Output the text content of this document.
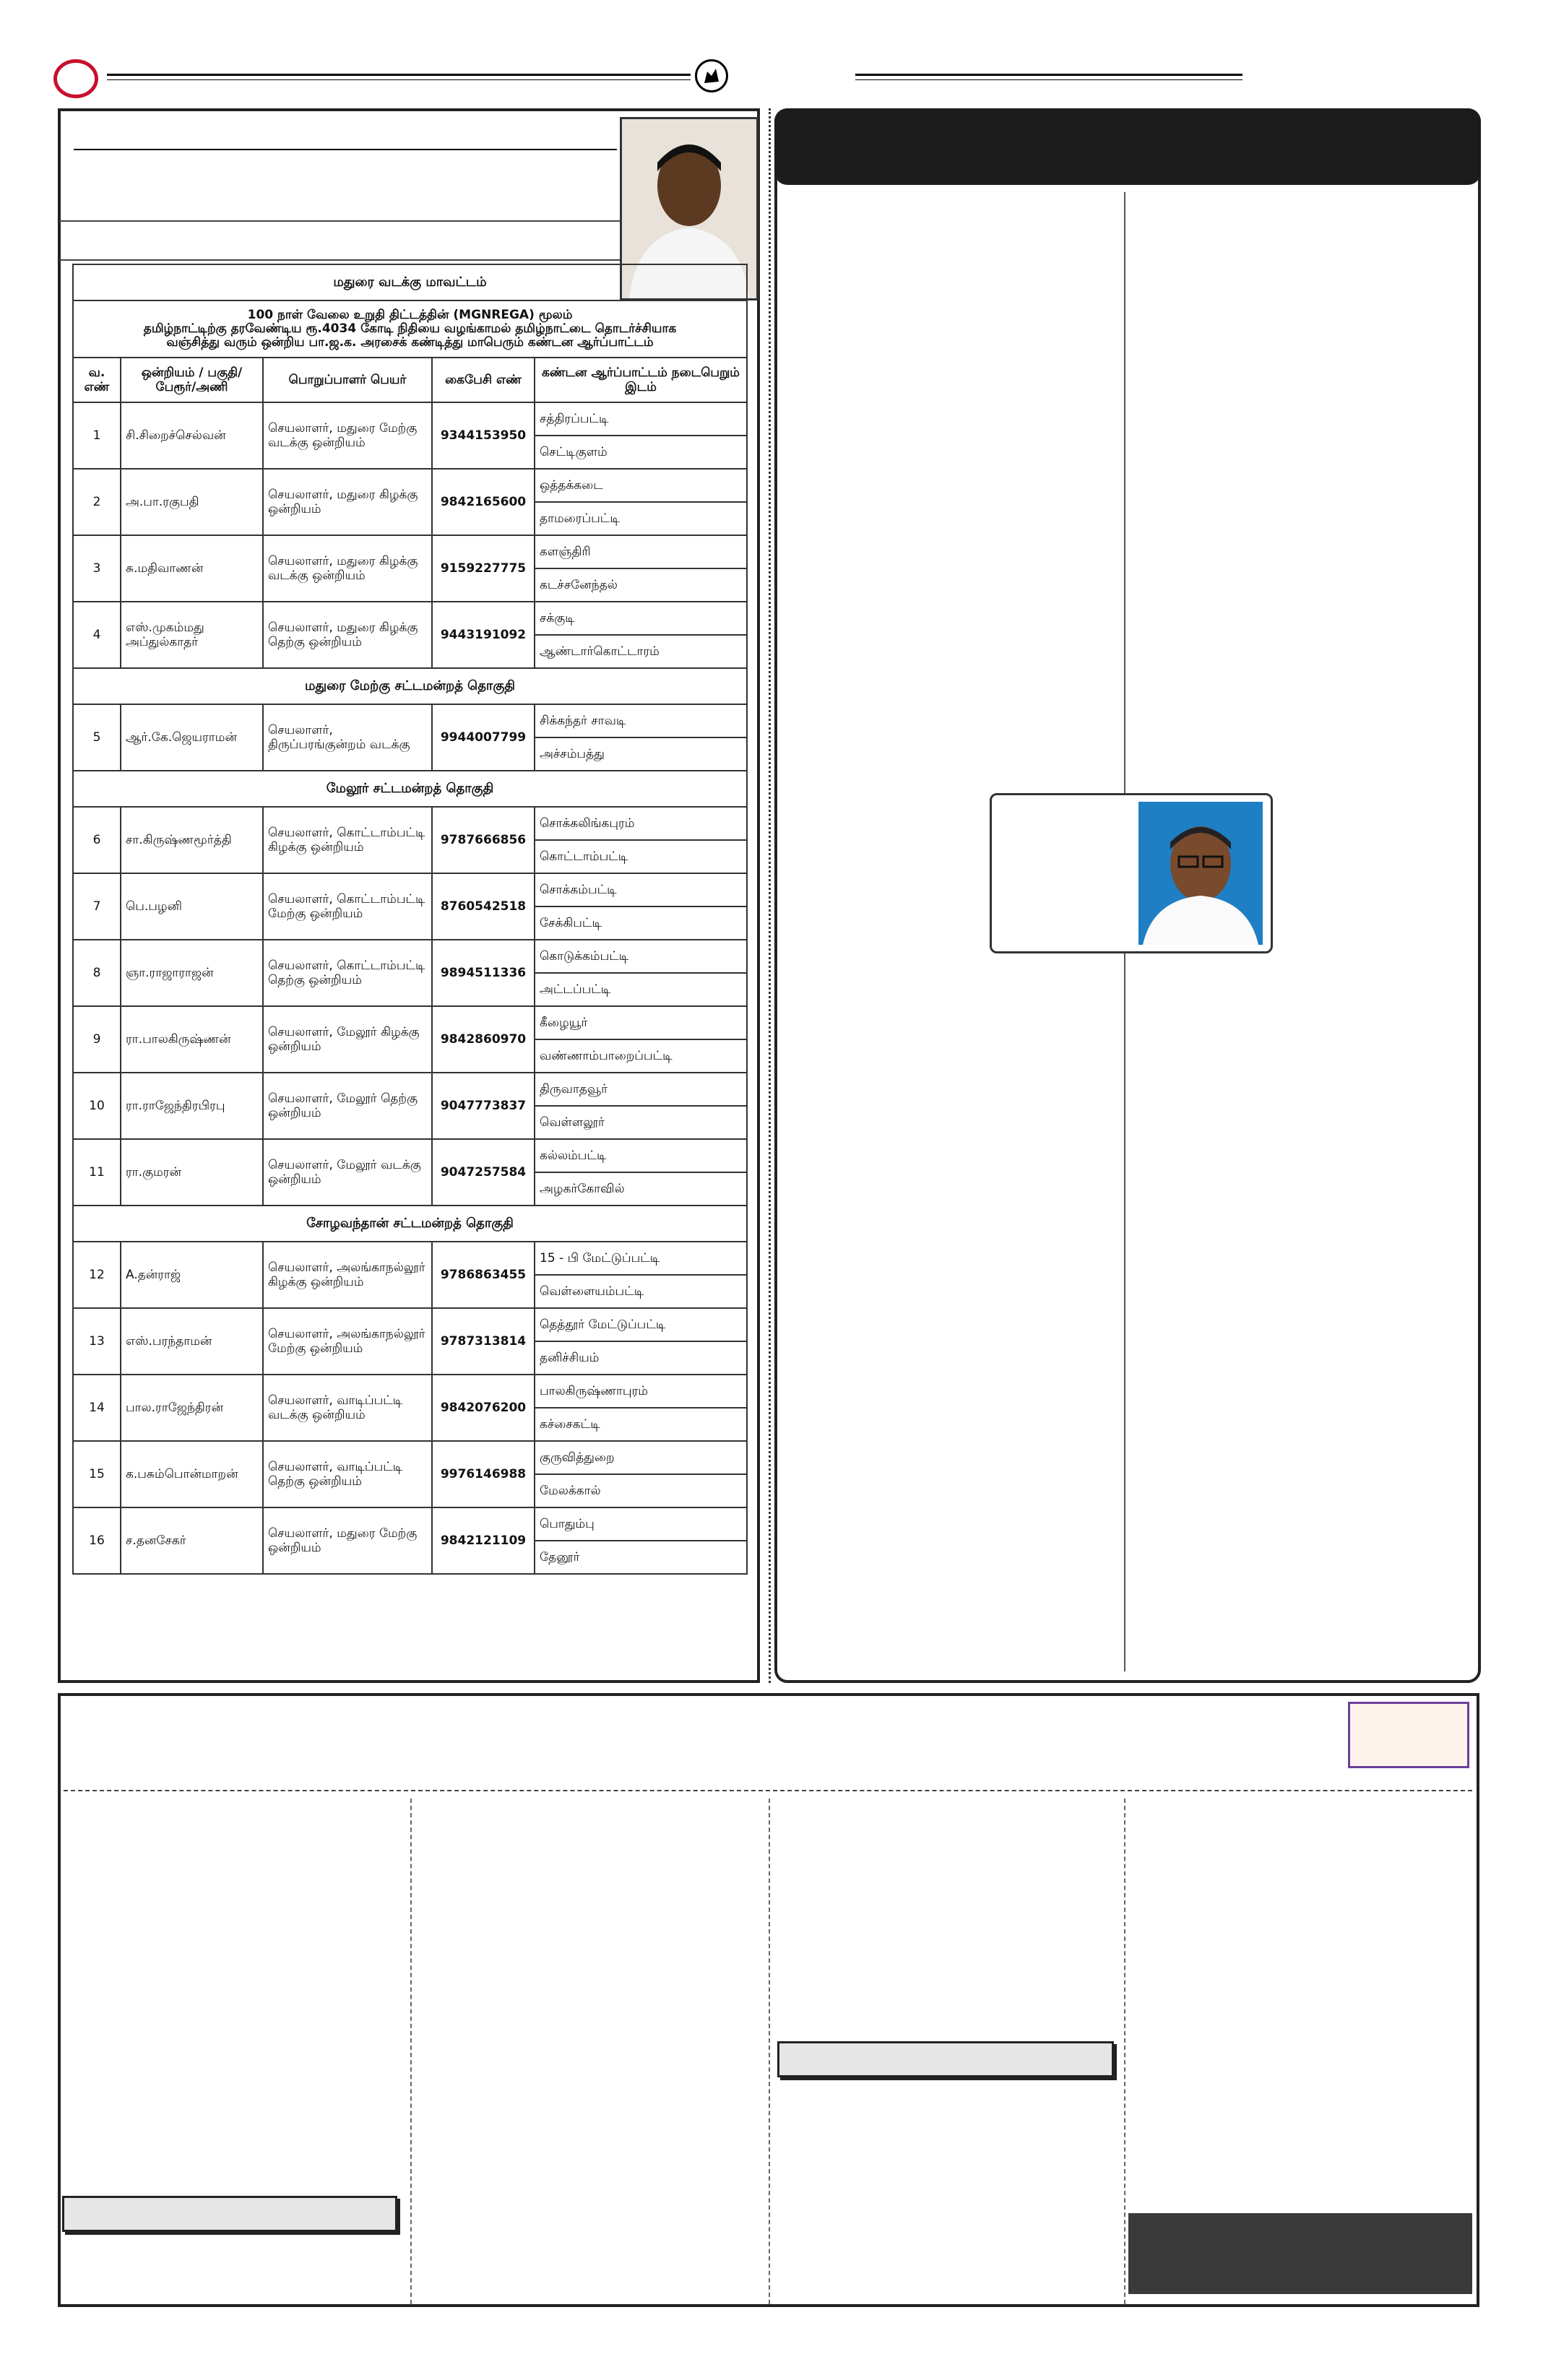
மதுரை வடக்கு மாவட்டம்				

100 நாள் வேலை உறுதி திட்டத்தின் (MGNREGA) மூலம்
தமிழ்நாட்டிற்கு தரவேண்டிய ரூ.4034 கோடி நிதியை வழங்காமல் தமிழ்நாட்டை தொடர்ச்சியாக
வஞ்சித்து வரும் ஒன்றிய பா.ஜ.க. அரசைக் கண்டித்து மாபெரும் கண்டன ஆர்ப்பாட்டம்				

வ. எண்	ஒன்றியம் / பகுதி/ பேரூர்/அணி	பொறுப்பாளர் பெயர்	கைபேசி எண்	கண்டன ஆர்ப்பாட்டம் நடைபெறும் இடம்
1	சி.சிறைச்செல்வன்	செயலாளர், மதுரை மேற்கு வடக்கு ஒன்றியம்	9344153950	சத்திரப்பட்டி
				செட்டிகுளம்
2	அ.பா.ரகுபதி	செயலாளர், மதுரை கிழக்கு ஒன்றியம்	9842165600	ஒத்தக்கடை
				தாமரைப்பட்டி
3	சு.மதிவாணன்	செயலாளர், மதுரை கிழக்கு வடக்கு ஒன்றியம்	9159227775	களஞ்திரி
				கடச்சனேந்தல்
4	எஸ்.முகம்மது அப்துல்காதர்	செயலாளர், மதுரை கிழக்கு தெற்கு ஒன்றியம்	9443191092	சக்குடி
				ஆண்டார்கொட்டாரம்
மதுரை மேற்கு சட்டமன்றத் தொகுதி				
5	ஆர்.கே.ஜெயராமன்	செயலாளர், திருப்பரங்குன்றம் வடக்கு	9944007799	சிக்கந்தர் சாவடி
				அச்சம்பத்து
மேலூர் சட்டமன்றத் தொகுதி				
6	சா.கிருஷ்ணமூர்த்தி	செயலாளர், கொட்டாம்பட்டி கிழக்கு ஒன்றியம்	9787666856	சொக்கலிங்கபுரம்
				கொட்டாம்பட்டி
7	பெ.பழனி	செயலாளர், கொட்டாம்பட்டி மேற்கு ஒன்றியம்	8760542518	சொக்கம்பட்டி
				சேக்கிபட்டி
8	ஞா.ராஜாராஜன்	செயலாளர், கொட்டாம்பட்டி தெற்கு ஒன்றியம்	9894511336	கொடுக்கம்பட்டி
				அட்டப்பட்டி
9	ரா.பாலகிருஷ்ணன்	செயலாளர், மேலூர் கிழக்கு ஒன்றியம்	9842860970	கீழையூர்
				வண்ணாம்பாறைப்பட்டி
10	ரா.ராஜேந்திரபிரபு	செயலாளர், மேலூர் தெற்கு ஒன்றியம்	9047773837	திருவாதவூர்
				வெள்ளலூர்
11	ரா.குமரன்	செயலாளர், மேலூர் வடக்கு ஒன்றியம்	9047257584	கல்லம்பட்டி
				அழகர்கோவில்
சோழவந்தான் சட்டமன்றத் தொகுதி				
12	A.தன்ராஜ்	செயலாளர், அலங்காநல்லூர் கிழக்கு ஒன்றியம்	9786863455	15 - பி மேட்டுப்பட்டி
				வெள்ளையம்பட்டி
13	எஸ்.பரந்தாமன்	செயலாளர், அலங்காநல்லூர் மேற்கு ஒன்றியம்	9787313814	தெத்தூர் மேட்டுப்பட்டி
				தனிச்சியம்
14	பால.ராஜேந்திரன்	செயலாளர், வாடிப்பட்டி வடக்கு ஒன்றியம்	9842076200	பாலகிருஷ்ணாபுரம்
				கச்சைகட்டி
15	க.பசும்பொன்மாறன்	செயலாளர், வாடிப்பட்டி தெற்கு ஒன்றியம்	9976146988	குருவித்துறை
				மேலக்கால்
16	ச.தனசேகர்	செயலாளர், மதுரை மேற்கு ஒன்றியம்	9842121109	பொதும்பு
				தேனூர்
